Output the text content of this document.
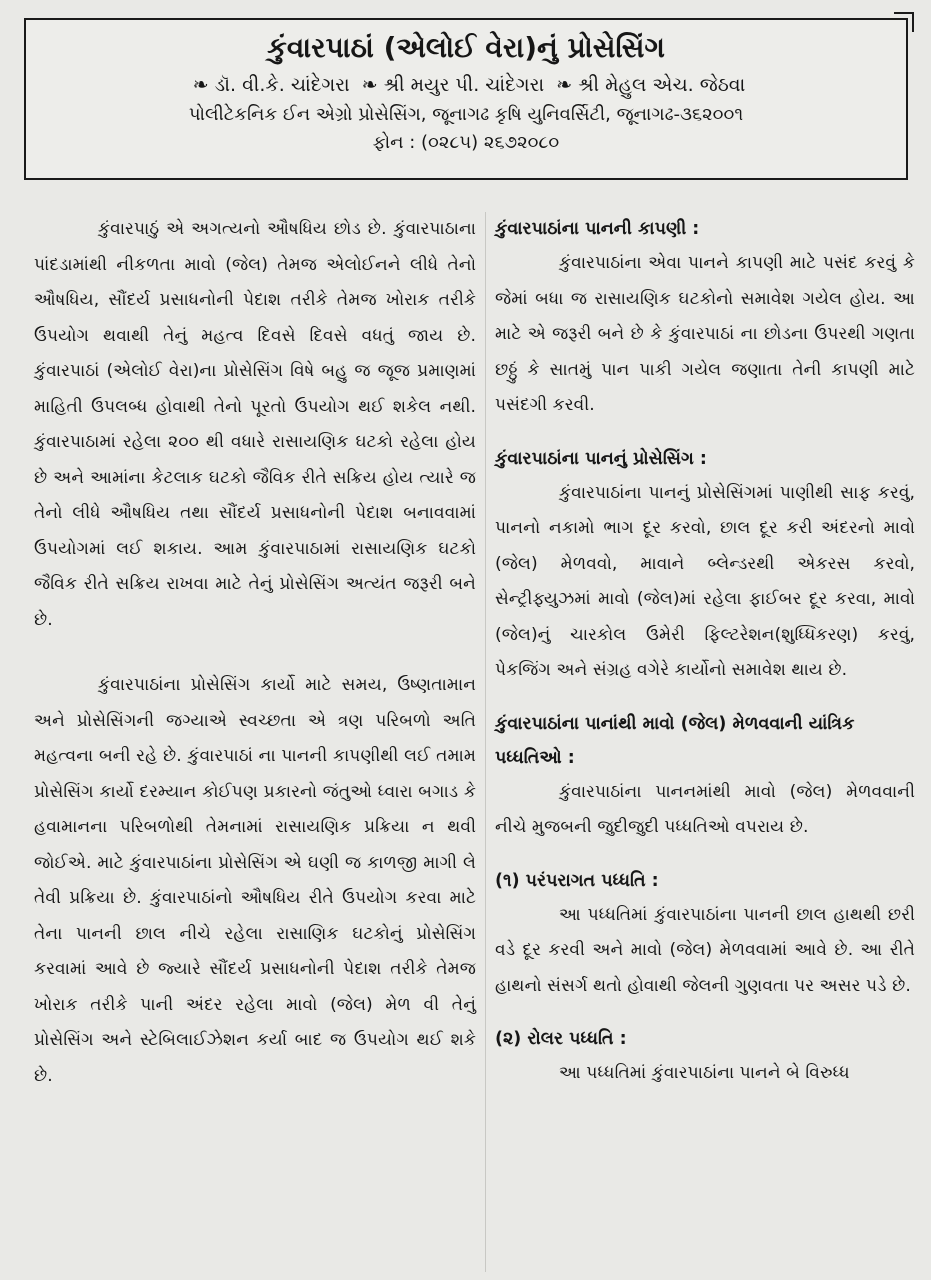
કુંવારપાઠાં (એલોઈ વેરા)નું પ્રોસેસિંગ
❧ ડૉ. વી.કે. ચાંદેગરા ❧ શ્રી મયુર પી. ચાંદેગરા ❧ શ્રી મેહુલ એચ. જેઠવા
પોલીટેકનિક ઈન એગ્રો પ્રોસેસિંગ, જૂનાગઢ કૃષિ યુનિવર્સિટી, જૂનાગઢ-૩૬૨૦૦૧
ફોન : (૦૨૮૫) ૨૬૭૨૦૮૦

કુંવારપાઠું એ અગત્યનો ઔષધિય છોડ છે. કુંવારપાઠાના પાંદડામાંથી નીકળતા માવો (જેલ) તેમજ એલોઈનને લીધે તેનો ઔષધિય, સૌંદર્ય પ્રસાધનોની પેદાશ તરીકે તેમજ ખોરાક તરીકે ઉપયોગ થવાથી તેનું મહત્વ દિવસે દિવસે વધતું જાય છે. કુંવારપાઠાં (એલોઈ વેરા)ના પ્રોસેસિંગ વિષે બહુ જ જૂજ પ્રમાણમાં માહિતી ઉપલબ્ધ હોવાથી તેનો પૂરતો ઉપયોગ થઈ શકેલ નથી. કુંવારપાઠામાં રહેલા ૨૦૦ થી વધારે રાસાયણિક ઘટકો રહેલા હોય છે અને આમાંના કેટલાક ઘટકો જૈવિક રીતે સક્રિય હોય ત્યારે જ તેનો લીધે ઔષધિય તથા સૌંદર્ય પ્રસાધનોની પેદાશ બનાવવામાં ઉપયોગમાં લઈ શકાય. આમ કુંવારપાઠામાં રાસાયણિક ઘટકો જૈવિક રીતે સક્રિય રાખવા માટે તેનું પ્રોસેસિંગ અત્યંત જરૂરી બને છે.

કુંવારપાઠાંના પ્રોસેસિંગ કાર્યો માટે સમય, ઉષ્ણતામાન અને પ્રોસેસિંગની જગ્યાએ સ્વચ્છતા એ ત્રણ પરિબળો અતિ મહત્વના બની રહે છે. કુંવારપાઠાં ના પાનની કાપણીથી લઈ તમામ પ્રોસેસિંગ કાર્યો દરમ્યાન કોઈપણ પ્રકારનો જંતુઓ ધ્વારા બગાડ કે હવામાનના પરિબળોથી તેમનામાં રાસાયણિક પ્રક્રિયા ન થવી જોઈએ. માટે કુંવારપાઠાંના પ્રોસેસિંગ એ ઘણી જ કાળજી માગી લે તેવી પ્રક્રિયા છે. કુંવારપાઠાંનો ઔષધિય રીતે ઉપયોગ કરવા માટે તેના પાનની છાલ નીચે રહેલા રાસાણિક ઘટકોનું પ્રોસેસિંગ કરવામાં આવે છે જ્યારે સૌંદર્ય પ્રસાધનોની પેદાશ તરીકે તેમજ ખોરાક તરીકે પાની અંદર રહેલા માવો (જેલ) મેળ વી તેનું પ્રોસેસિંગ અને સ્ટેબિલાઈઝેશન કર્યા બાદ જ ઉપયોગ થઈ શકે છે.

કુંવારપાઠાંના પાનની કાપણી :

કુંવારપાઠાંના એવા પાનને કાપણી માટે પસંદ કરવું કે જેમાં બધા જ રાસાયણિક ઘટકોનો સમાવેશ ગયેલ હોય. આ માટે એ જરૂરી બને છે કે કુંવારપાઠાં ના છોડના ઉપરથી ગણતા છઠ્ઠું કે સાતમું પાન પાકી ગયેલ જણાતા તેની કાપણી માટે પસંદગી કરવી.

કુંવારપાઠાંના પાનનું પ્રોસેસિંગ :

કુંવારપાઠાંના પાનનું પ્રોસેસિંગમાં પાણીથી સાફ કરવું, પાનનો નકામો ભાગ દૂર કરવો, છાલ દૂર કરી અંદરનો માવો (જેલ) મેળવવો, માવાને બ્લેન્ડરથી એકરસ કરવો, સેન્ટ્રીફ્યુઝમાં માવો (જેલ)માં રહેલા ફાઈબર દૂર કરવા, માવો (જેલ)નું ચારકોલ ઉમેરી ફિલ્ટરેશન(શુધ્ધિકરણ) કરવું, પેકજિંગ અને સંગ્રહ વગેરે કાર્યોનો સમાવેશ થાય છે.

કુંવારપાઠાંના પાનાંથી માવો (જેલ) મેળવવાની યાંત્રિક પધ્ધતિઓ :

કુંવારપાઠાંના પાનનમાંથી માવો (જેલ) મેળવવાની નીચે મુજબની જુદીજુદી પધ્ધતિઓ વપરાય છે.

(૧) પરંપરાગત પધ્ધતિ :

આ પધ્ધતિમાં કુંવારપાઠાંના પાનની છાલ હાથથી છરી વડે દૂર કરવી અને માવો (જેલ) મેળવવામાં આવે છે. આ રીતે હાથનો સંસર્ગ થતો હોવાથી જેલની ગુણવતા પર અસર પડે છે.

(૨) રોલર પધ્ધતિ :

આ પધ્ધતિમાં કુંવારપાઠાંના પાનને બે વિરુધ્ધ
